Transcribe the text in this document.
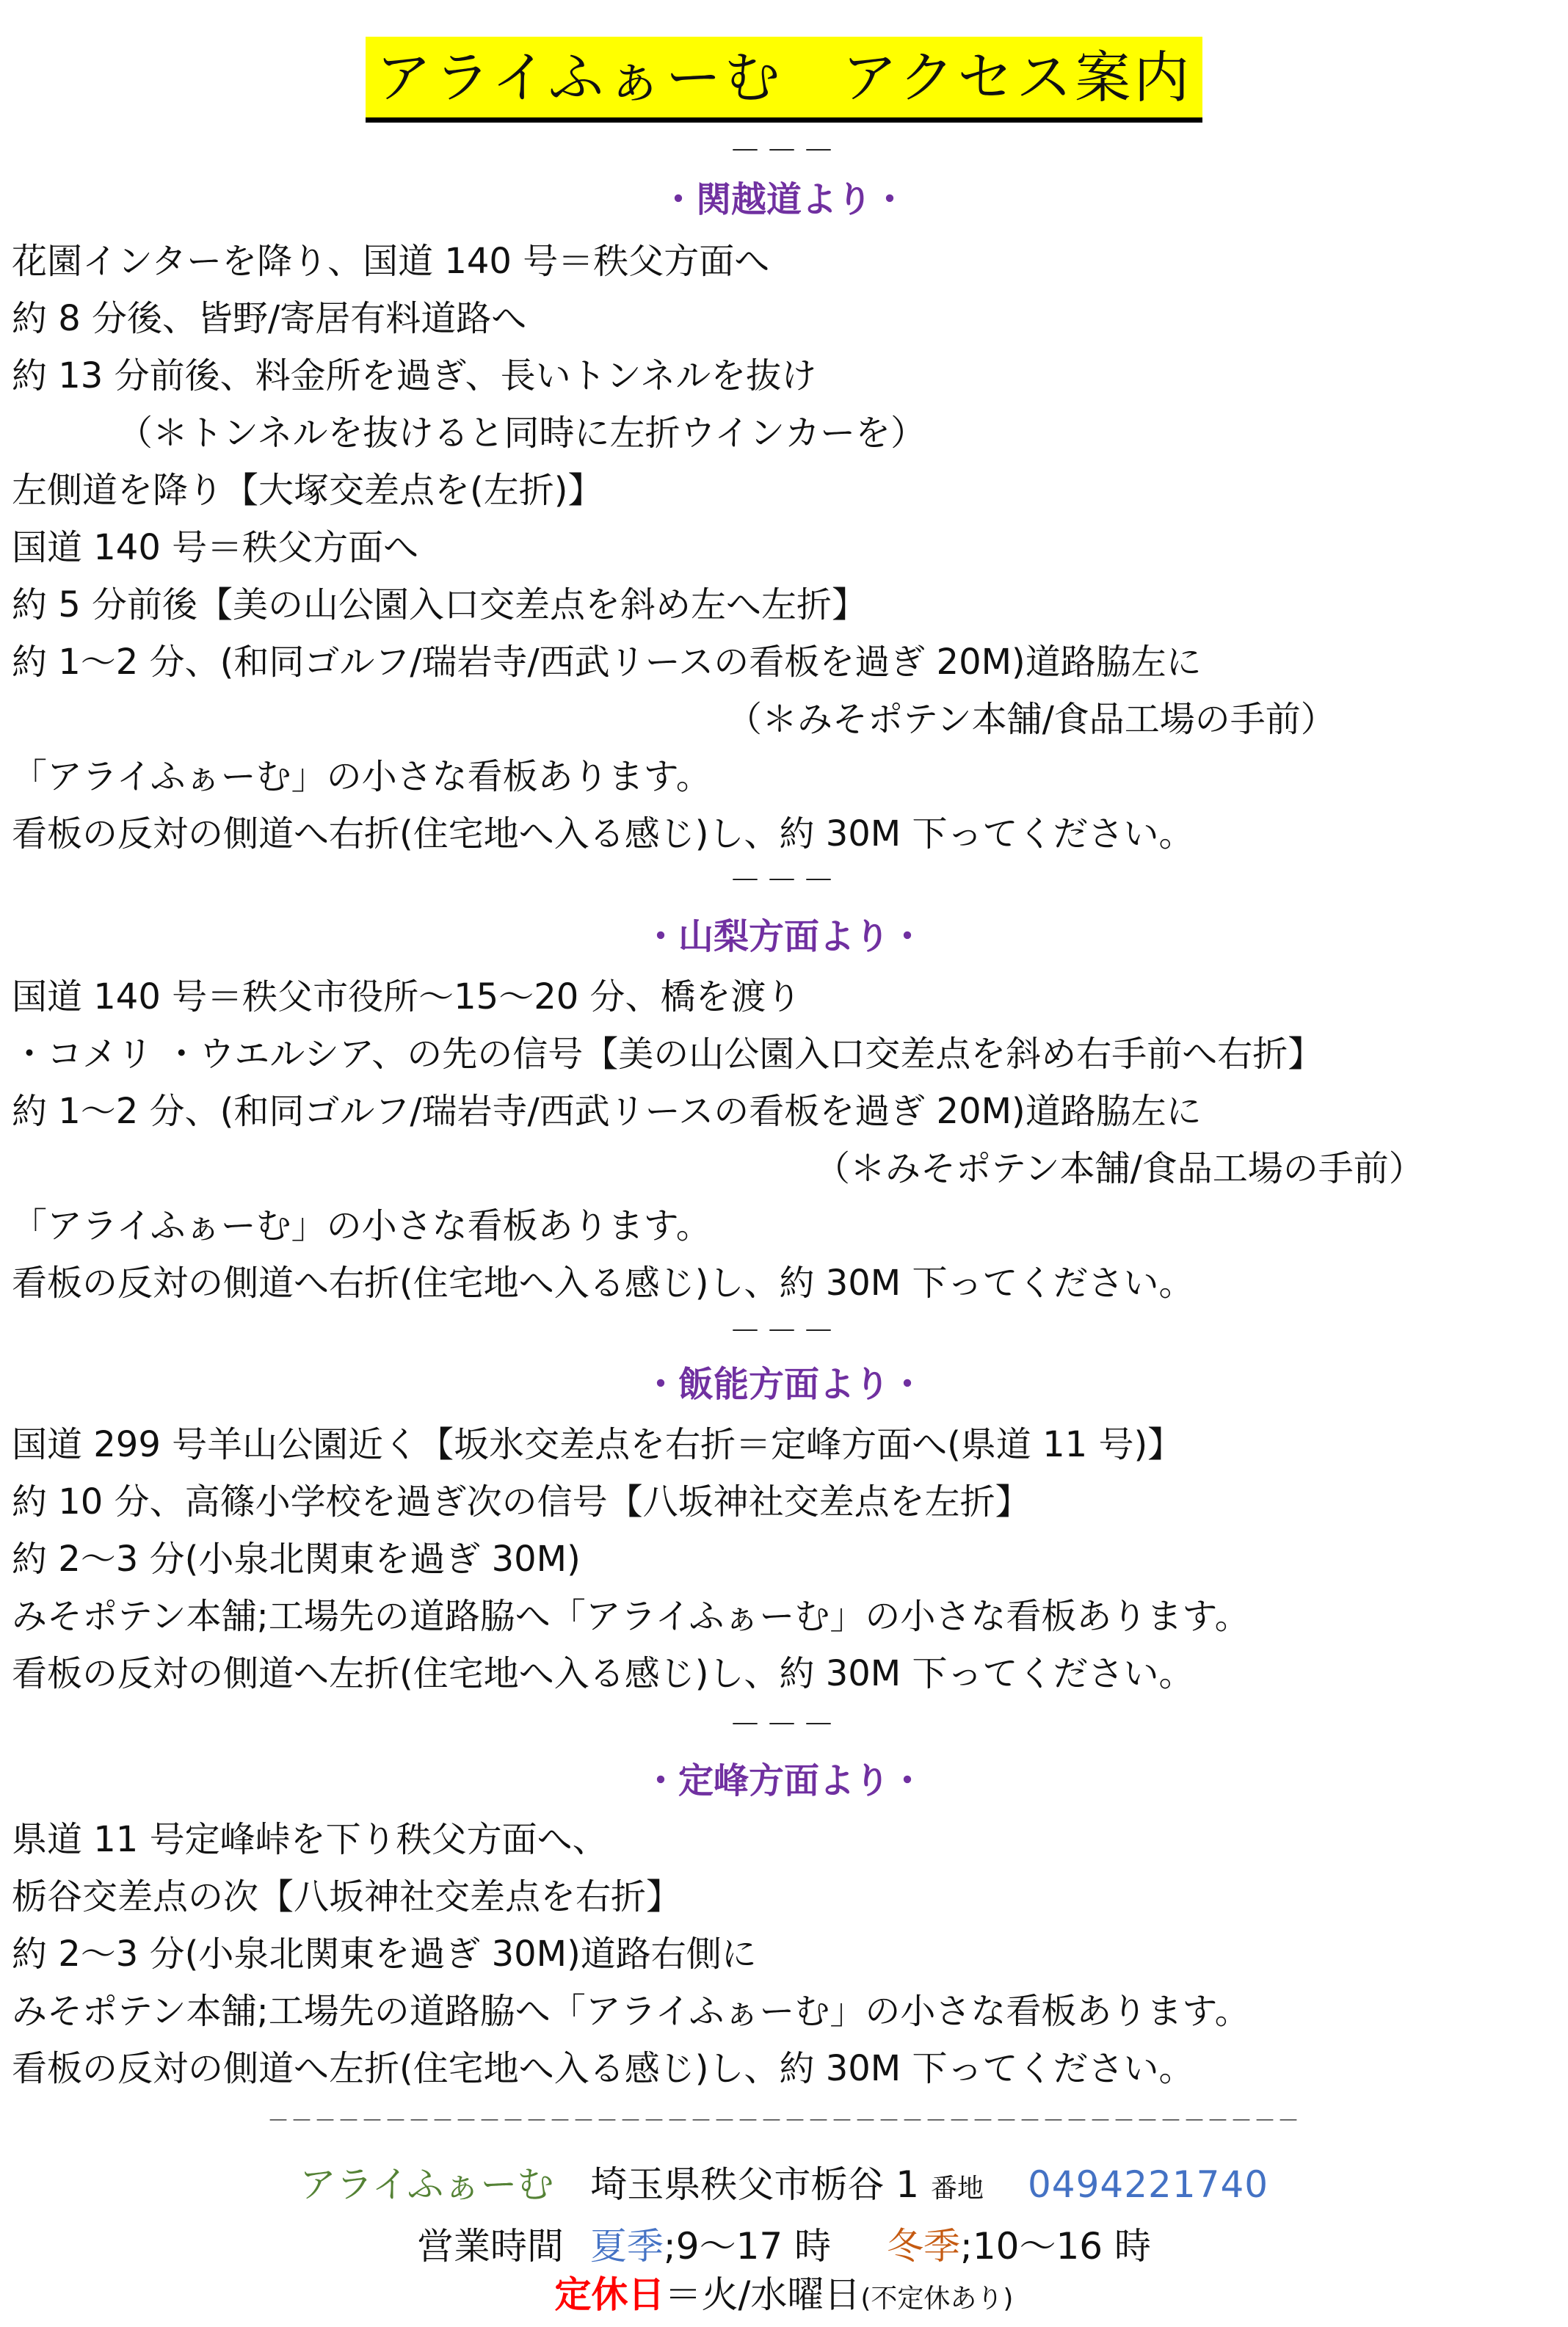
アライふぁーむ　アクセス案内
－－－
・関越道より・
花園インターを降り、国道 140 号＝秩父方面へ
約 8 分後、皆野/寄居有料道路へ
約 13 分前後、料金所を過ぎ、長いトンネルを抜け
（＊トンネルを抜けると同時に左折ウインカーを）
左側道を降り【大塚交差点を(左折)】
国道 140 号＝秩父方面へ
約 5 分前後【美の山公園入口交差点を斜め左へ左折】
約 1～2 分、(和同ゴルフ/瑞岩寺/西武リースの看板を過ぎ 20M)道路脇左に
（＊みそポテン本舗/食品工場の手前）
「アライふぁーむ」の小さな看板あります。
看板の反対の側道へ右折(住宅地へ入る感じ)し、約 30M 下ってください。
－－－
・山梨方面より・
国道 140 号＝秩父市役所～15～20 分、橋を渡り
・コメリ ・ウエルシア、の先の信号【美の山公園入口交差点を斜め右手前へ右折】
約 1～2 分、(和同ゴルフ/瑞岩寺/西武リースの看板を過ぎ 20M)道路脇左に
（＊みそポテン本舗/食品工場の手前）
「アライふぁーむ」の小さな看板あります。
看板の反対の側道へ右折(住宅地へ入る感じ)し、約 30M 下ってください。
－－－
・飯能方面より・
国道 299 号羊山公園近く【坂氷交差点を右折＝定峰方面へ(県道 11 号)】
約 10 分、高篠小学校を過ぎ次の信号【八坂神社交差点を左折】
約 2～3 分(小泉北関東を過ぎ 30M)
みそポテン本舗;工場先の道路脇へ「アライふぁーむ」の小さな看板あります。
看板の反対の側道へ左折(住宅地へ入る感じ)し、約 30M 下ってください。
－－－
・定峰方面より・
県道 11 号定峰峠を下り秩父方面へ、
栃谷交差点の次【八坂神社交差点を右折】
約 2～3 分(小泉北関東を過ぎ 30M)道路右側に
みそポテン本舗;工場先の道路脇へ「アライふぁーむ」の小さな看板あります。
看板の反対の側道へ左折(住宅地へ入る感じ)し、約 30M 下ってください。
－－－－－－－－－－－－－－－－－－－－－－－－－－－－－－－－－－－－－－－－－－－－
アライふぁーむ 埼玉県秩父市栃谷 1 番地 0494221740
営業時間 夏季;9～17 時 冬季;10～16 時
定休日＝火/水曜日(不定休あり)
